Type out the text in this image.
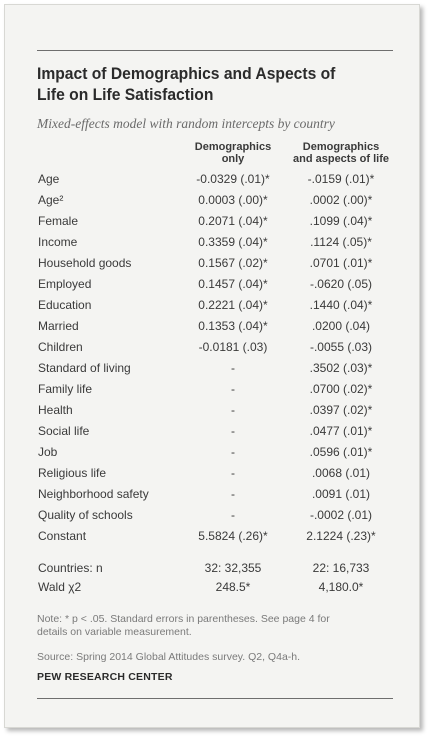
Impact of Demographics and Aspects of
Life on Life Satisfaction
Mixed-effects model with random intercepts by country
Demographics
only
Demographics
and aspects of life
Age	-0.0329 (.01)*	-.0159 (.01)*
Age²	0.0003 (.00)*	.0002 (.00)*
Female	0.2071 (.04)*	.1099 (.04)*
Income	0.3359 (.04)*	.1124 (.05)*
Household goods	0.1567 (.02)*	.0701 (.01)*
Employed	0.1457 (.04)*	-.0620 (.05)
Education	0.2221 (.04)*	.1440 (.04)*
Married	0.1353 (.04)*	.0200 (.04)
Children	-0.0181 (.03)	-.0055 (.03)
Standard of living	-	.3502 (.03)*
Family life	-	.0700 (.02)*
Health	-	.0397 (.02)*
Social life	-	.0477 (.01)*
Job	-	.0596 (.01)*
Religious life	-	.0068 (.01)
Neighborhood safety	-	.0091 (.01)
Quality of schools	-	-.0002 (.01)
Constant	5.5824 (.26)*	2.1224 (.23)*
Countries: n	32: 32,355	22: 16,733
Wald χ2	248.5*	4,180.0*
Note: * p < .05. Standard errors in parentheses. See page 4 for
details on variable measurement.
Source: Spring 2014 Global Attitudes survey. Q2, Q4a-h.
PEW RESEARCH CENTER
